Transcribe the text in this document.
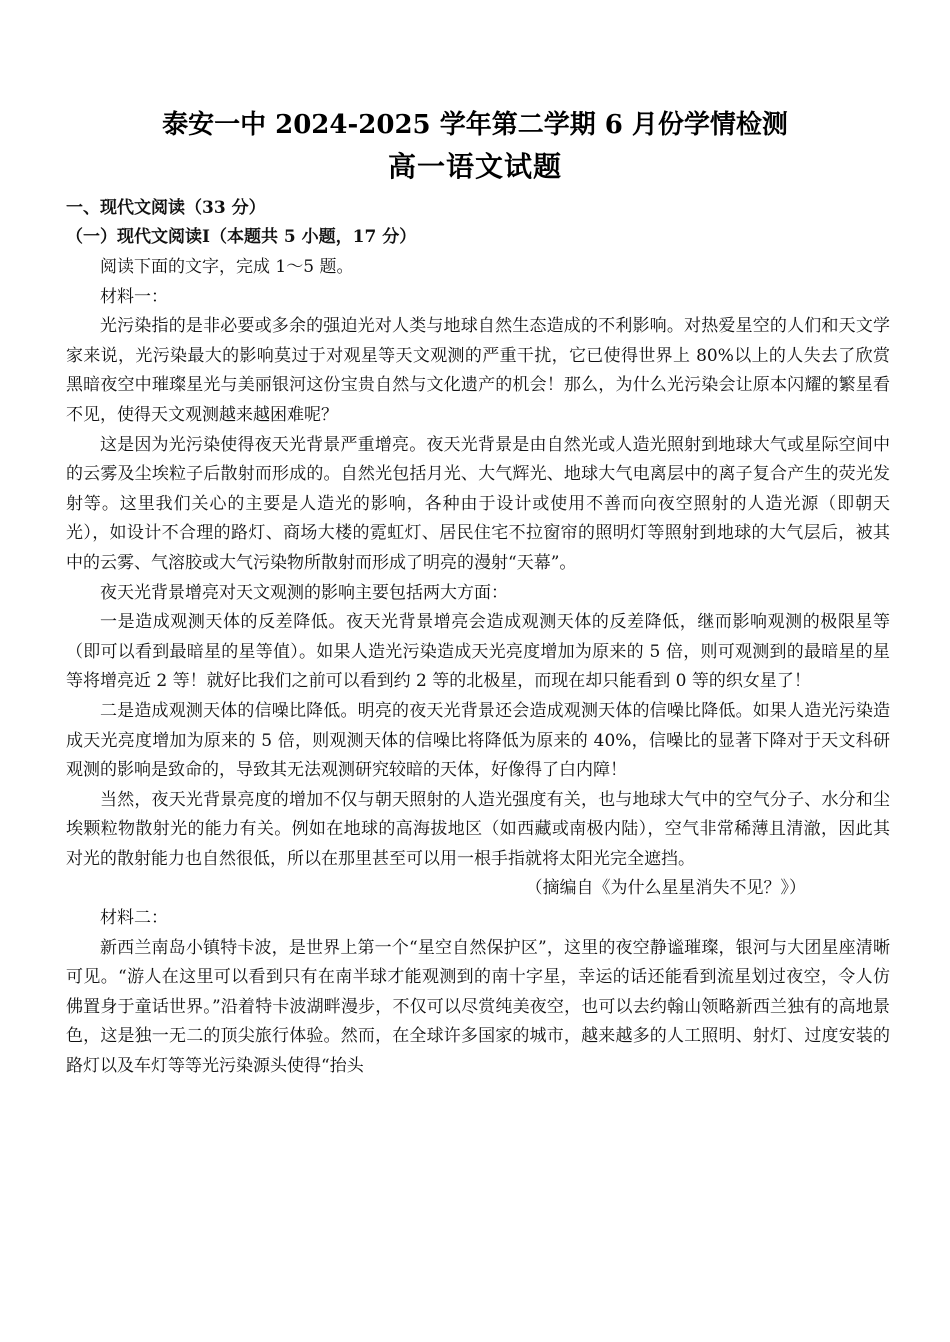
泰安一中 2024-2025 学年第二学期 6 月份学情检测
高一语文试题
一、现代文阅读（33 分）
（一）现代文阅读Ⅰ（本题共 5 小题，17 分）

阅读下面的文字，完成 1～5 题。

材料一：

光污染指的是非必要或多余的强迫光对人类与地球自然生态造成的不利影响。对热爱星空的人们和天文学家来说，光污染最大的影响莫过于对观星等天文观测的严重干扰，它已使得世界上 80%以上的人失去了欣赏黑暗夜空中璀璨星光与美丽银河这份宝贵自然与文化遗产的机会！那么，为什么光污染会让原本闪耀的繁星看不见，使得天文观测越来越困难呢？

这是因为光污染使得夜天光背景严重增亮。夜天光背景是由自然光或人造光照射到地球大气或星际空间中的云雾及尘埃粒子后散射而形成的。自然光包括月光、大气辉光、地球大气电离层中的离子复合产生的荧光发射等。这里我们关心的主要是人造光的影响，各种由于设计或使用不善而向夜空照射的人造光源（即朝天光），如设计不合理的路灯、商场大楼的霓虹灯、居民住宅不拉窗帘的照明灯等照射到地球的大气层后，被其中的云雾、气溶胶或大气污染物所散射而形成了明亮的漫射“天幕”。

夜天光背景增亮对天文观测的影响主要包括两大方面：

一是造成观测天体的反差降低。夜天光背景增亮会造成观测天体的反差降低，继而影响观测的极限星等（即可以看到最暗星的星等值）。如果人造光污染造成天光亮度增加为原来的 5 倍，则可观测到的最暗星的星等将增亮近 2 等！就好比我们之前可以看到约 2 等的北极星，而现在却只能看到 0 等的织女星了！

二是造成观测天体的信噪比降低。明亮的夜天光背景还会造成观测天体的信噪比降低。如果人造光污染造成天光亮度增加为原来的 5 倍，则观测天体的信噪比将降低为原来的 40%，信噪比的显著下降对于天文科研观测的影响是致命的，导致其无法观测研究较暗的天体，好像得了白内障！

当然，夜天光背景亮度的增加不仅与朝天照射的人造光强度有关，也与地球大气中的空气分子、水分和尘埃颗粒物散射光的能力有关。例如在地球的高海拔地区（如西藏或南极内陆），空气非常稀薄且清澈，因此其对光的散射能力也自然很低，所以在那里甚至可以用一根手指就将太阳光完全遮挡。

（摘编自《为什么星星消失不见？》）

材料二：

新西兰南岛小镇特卡波，是世界上第一个“星空自然保护区”，这里的夜空静谧璀璨，银河与大团星座清晰可见。“游人在这里可以看到只有在南半球才能观测到的南十字星，幸运的话还能看到流星划过夜空，令人仿佛置身于童话世界。”沿着特卡波湖畔漫步，不仅可以尽赏纯美夜空，也可以去约翰山领略新西兰独有的高地景色，这是独一无二的顶尖旅行体验。然而，在全球许多国家的城市，越来越多的人工照明、射灯、过度安装的路灯以及车灯等等光污染源头使得“抬头
